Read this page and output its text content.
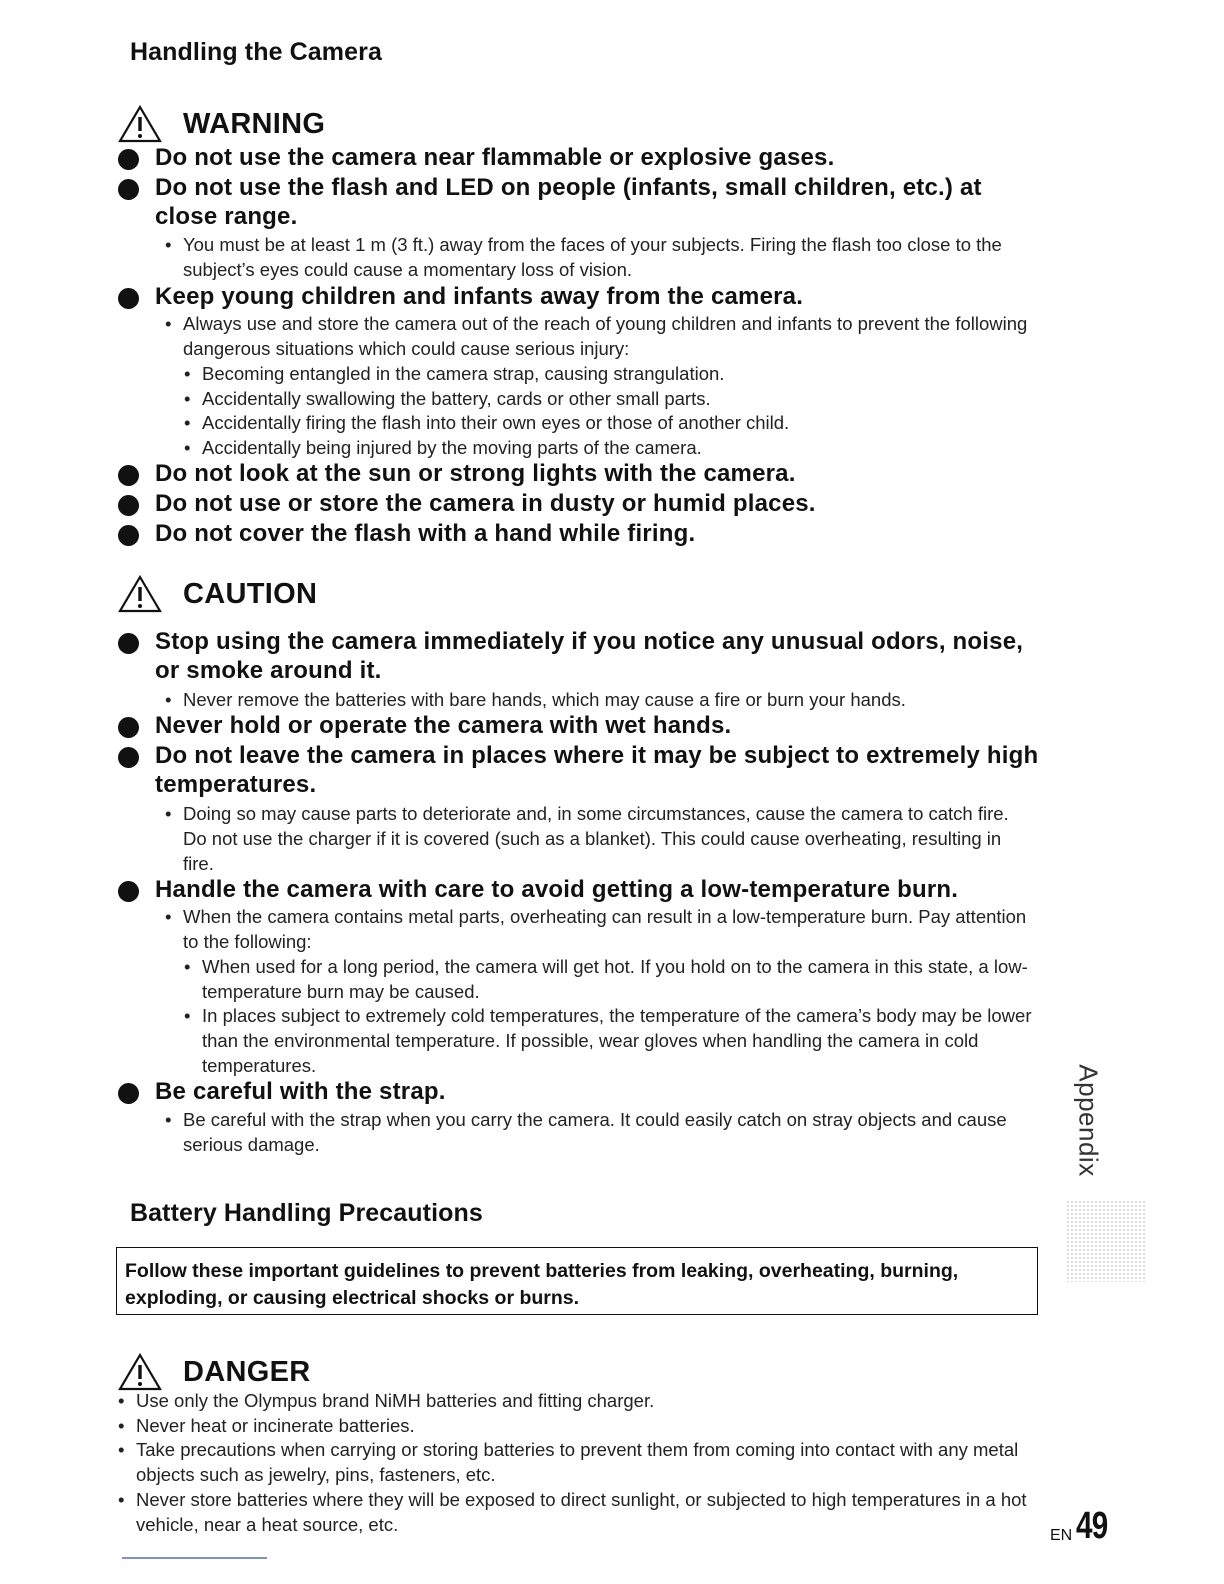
Handling the Camera
WARNING
Do not use the camera near flammable or explosive gases.
Do not use the flash and LED on people (infants, small children, etc.) at close range.
• You must be at least 1 m (3 ft.) away from the faces of your subjects. Firing the flash too close to the subject’s eyes could cause a momentary loss of vision.
Keep young children and infants away from the camera.
• Always use and store the camera out of the reach of young children and infants to prevent the following dangerous situations which could cause serious injury:
• Becoming entangled in the camera strap, causing strangulation.
• Accidentally swallowing the battery, cards or other small parts.
• Accidentally firing the flash into their own eyes or those of another child.
• Accidentally being injured by the moving parts of the camera.
Do not look at the sun or strong lights with the camera.
Do not use or store the camera in dusty or humid places.
Do not cover the flash with a hand while firing.
CAUTION
Stop using the camera immediately if you notice any unusual odors, noise, or smoke around it.
• Never remove the batteries with bare hands, which may cause a fire or burn your hands.
Never hold or operate the camera with wet hands.
Do not leave the camera in places where it may be subject to extremely high temperatures.
• Doing so may cause parts to deteriorate and, in some circumstances, cause the camera to catch fire. Do not use the charger if it is covered (such as a blanket). This could cause overheating, resulting in fire.
Handle the camera with care to avoid getting a low-temperature burn.
• When the camera contains metal parts, overheating can result in a low-temperature burn. Pay attention to the following:
• When used for a long period, the camera will get hot. If you hold on to the camera in this state, a low-temperature burn may be caused.
• In places subject to extremely cold temperatures, the temperature of the camera’s body may be lower than the environmental temperature. If possible, wear gloves when handling the camera in cold temperatures.
Be careful with the strap.
• Be careful with the strap when you carry the camera. It could easily catch on stray objects and cause serious damage.
Battery Handling Precautions
Follow these important guidelines to prevent batteries from leaking, overheating, burning, exploding, or causing electrical shocks or burns.
DANGER
• Use only the Olympus brand NiMH batteries and fitting charger.
• Never heat or incinerate batteries.
• Take precautions when carrying or storing batteries to prevent them from coming into contact with any metal objects such as jewelry, pins, fasteners, etc.
• Never store batteries where they will be exposed to direct sunlight, or subjected to high temperatures in a hot vehicle, near a heat source, etc.
Appendix
EN 49
